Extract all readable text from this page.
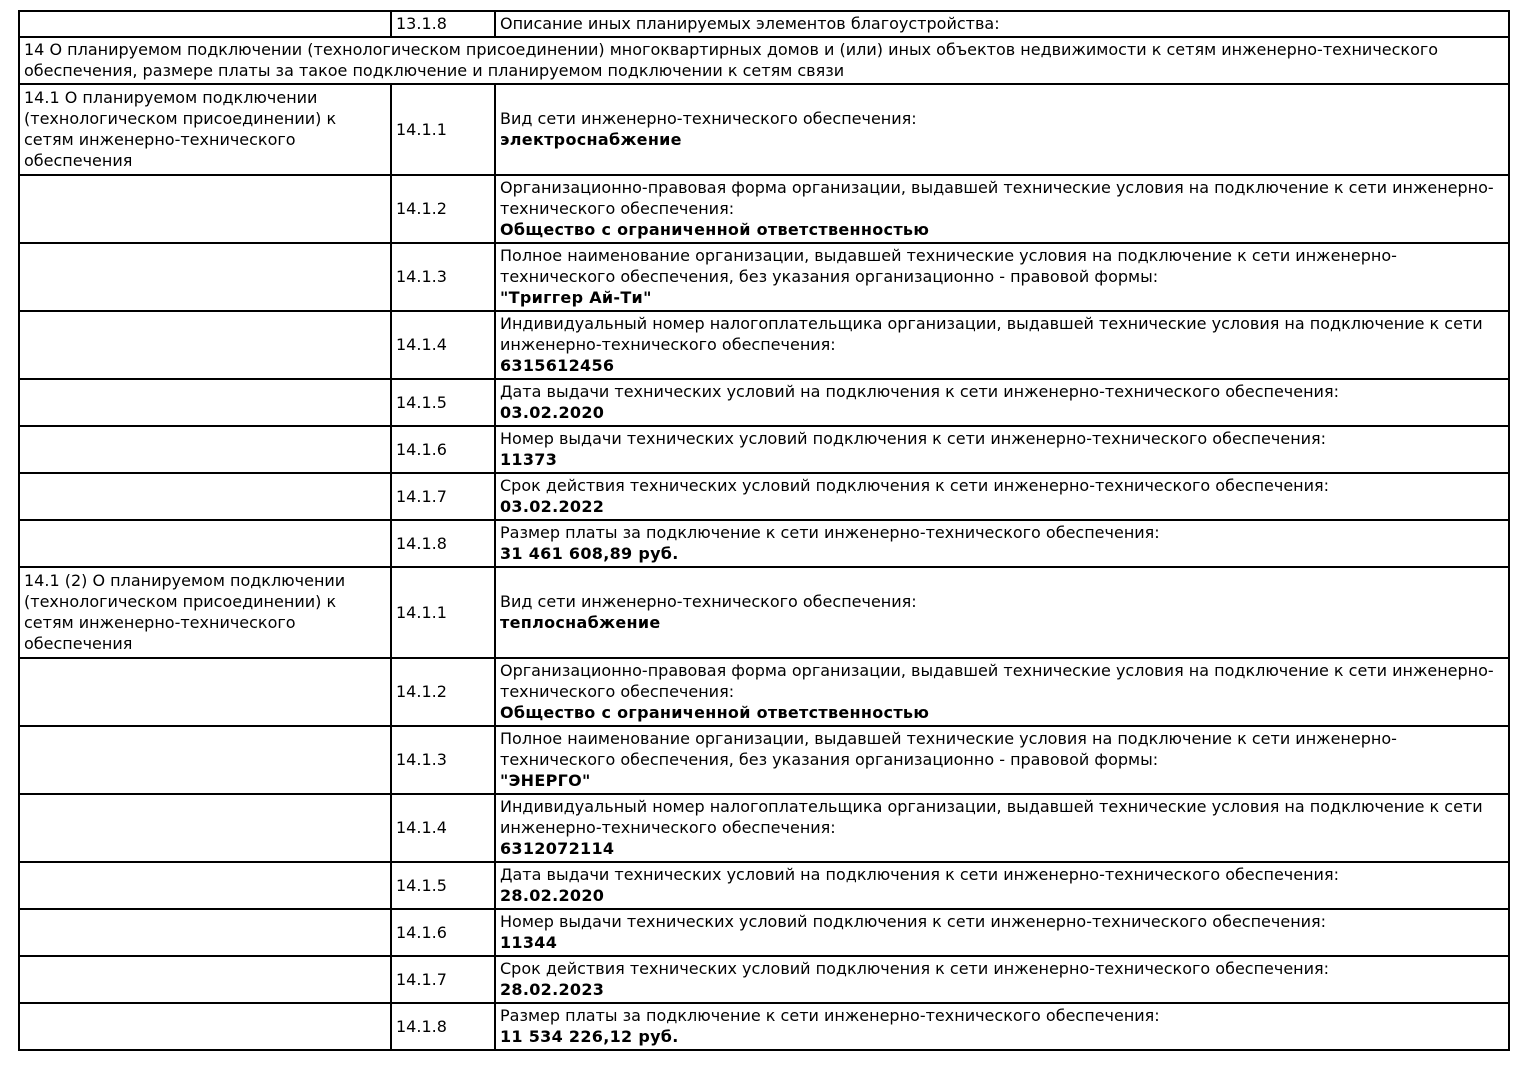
	13.1.8	Описание иных планируемых элементов благоустройства:

14 О планируемом подключении (технологическом присоединении) многоквартирных домов и (или) иных объектов недвижимости к сетям инженерно-технического обеспечения, размере платы за такое подключение и планируемом подключении к сетям связи		
14.1 О планируемом подключении (технологическом присоединении) к сетям инженерно-технического обеспечения	14.1.1	Вид сети инженерно-технического обеспечения:
электроснабжение

	14.1.2	Организационно-правовая форма организации, выдавшей технические условия на подключение к сети инженерно-технического обеспечения:
Общество с ограниченной ответственностью

	14.1.3	Полное наименование организации, выдавшей технические условия на подключение к сети инженерно-технического обеспечения, без указания организационно - правовой формы:
"Триггер Ай-Ти"

	14.1.4	Индивидуальный номер налогоплательщика организации, выдавшей технические условия на подключение к сети инженерно-технического обеспечения:
6315612456

	14.1.5	Дата выдачи технических условий на подключения к сети инженерно-технического обеспечения:
03.02.2020

	14.1.6	Номер выдачи технических условий подключения к сети инженерно-технического обеспечения:
11373

	14.1.7	Срок действия технических условий подключения к сети инженерно-технического обеспечения:
03.02.2022

	14.1.8	Размер платы за подключение к сети инженерно-технического обеспечения:
31 461 608,89 руб.

14.1 (2) О планируемом подключении (технологическом присоединении) к сетям инженерно-технического обеспечения	14.1.1	Вид сети инженерно-технического обеспечения:
теплоснабжение

	14.1.2	Организационно-правовая форма организации, выдавшей технические условия на подключение к сети инженерно-технического обеспечения:
Общество с ограниченной ответственностью

	14.1.3	Полное наименование организации, выдавшей технические условия на подключение к сети инженерно-технического обеспечения, без указания организационно - правовой формы:
"ЭНЕРГО"

	14.1.4	Индивидуальный номер налогоплательщика организации, выдавшей технические условия на подключение к сети инженерно-технического обеспечения:
6312072114

	14.1.5	Дата выдачи технических условий на подключения к сети инженерно-технического обеспечения:
28.02.2020

	14.1.6	Номер выдачи технических условий подключения к сети инженерно-технического обеспечения:
11344

	14.1.7	Срок действия технических условий подключения к сети инженерно-технического обеспечения:
28.02.2023

	14.1.8	Размер платы за подключение к сети инженерно-технического обеспечения:
11 534 226,12 руб.
